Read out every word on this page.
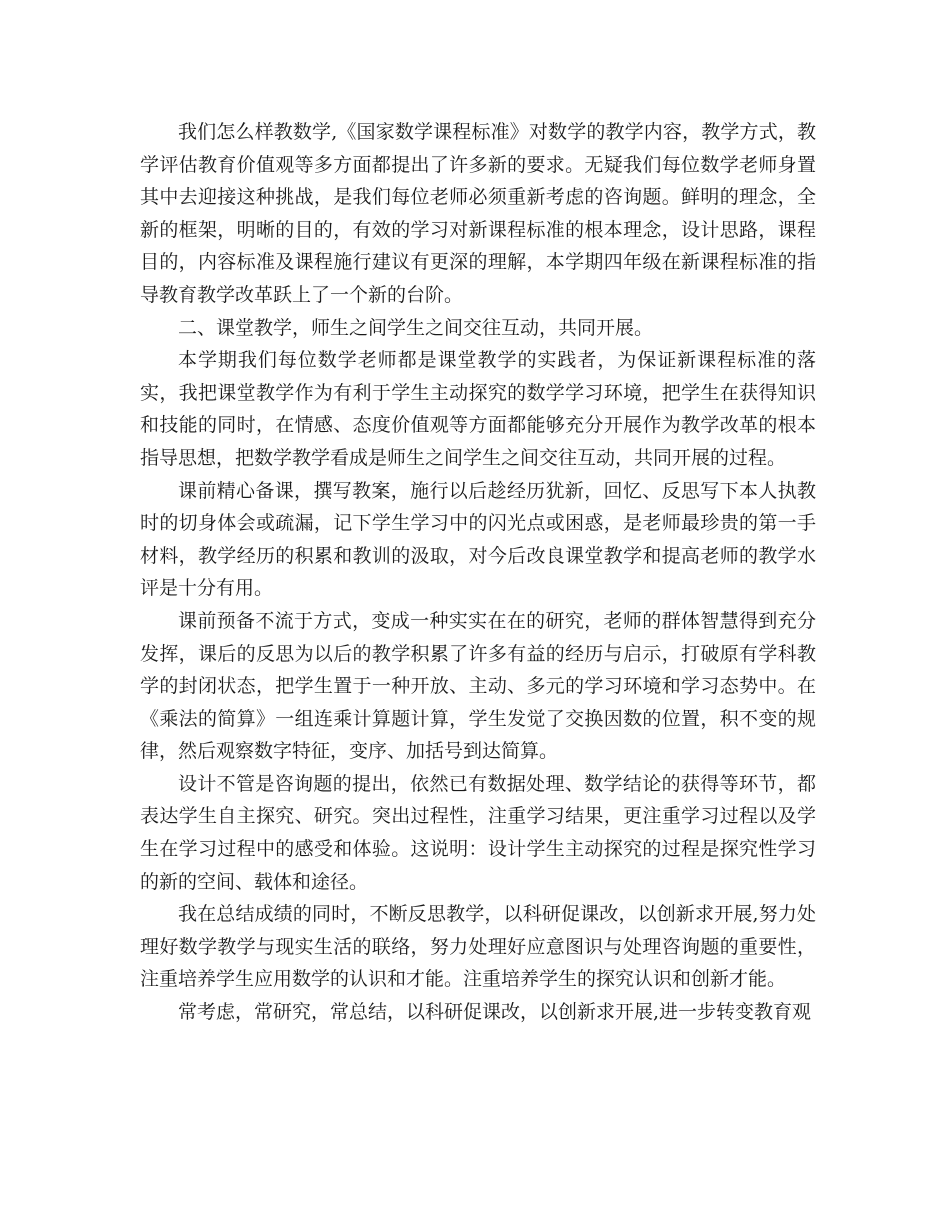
我们怎么样教数学,《国家数学课程标准》对数学的教学内容，教学方式，教学评估教育价值观等多方面都提出了许多新的要求。无疑我们每位数学老师身置其中去迎接这种挑战，是我们每位老师必须重新考虑的咨询题。鲜明的理念，全新的框架，明晰的目的，有效的学习对新课程标准的根本理念，设计思路，课程目的，内容标准及课程施行建议有更深的理解，本学期四年级在新课程标准的指导教育教学改革跃上了一个新的台阶。

二、课堂教学，师生之间学生之间交往互动，共同开展。

本学期我们每位数学老师都是课堂教学的实践者，为保证新课程标准的落实，我把课堂教学作为有利于学生主动探究的数学学习环境，把学生在获得知识和技能的同时，在情感、态度价值观等方面都能够充分开展作为教学改革的根本指导思想，把数学教学看成是师生之间学生之间交往互动，共同开展的过程。

课前精心备课，撰写教案，施行以后趁经历犹新，回忆、反思写下本人执教时的切身体会或疏漏，记下学生学习中的闪光点或困惑，是老师最珍贵的第一手材料，教学经历的积累和教训的汲取，对今后改良课堂教学和提高老师的教学水评是十分有用。

课前预备不流于方式，变成一种实实在在的研究，老师的群体智慧得到充分发挥，课后的反思为以后的教学积累了许多有益的经历与启示，打破原有学科教学的封闭状态，把学生置于一种开放、主动、多元的学习环境和学习态势中。在《乘法的简算》一组连乘计算题计算，学生发觉了交换因数的位置，积不变的规律，然后观察数字特征，变序、加括号到达简算。

设计不管是咨询题的提出，依然已有数据处理、数学结论的获得等环节，都表达学生自主探究、研究。突出过程性，注重学习结果，更注重学习过程以及学生在学习过程中的感受和体验。这说明：设计学生主动探究的过程是探究性学习的新的空间、载体和途径。

我在总结成绩的同时，不断反思教学，以科研促课改，以创新求开展,努力处理好数学教学与现实生活的联络，努力处理好应意图识与处理咨询题的重要性，注重培养学生应用数学的认识和才能。注重培养学生的探究认识和创新才能。

常考虑，常研究，常总结，以科研促课改，以创新求开展,进一步转变教育观
